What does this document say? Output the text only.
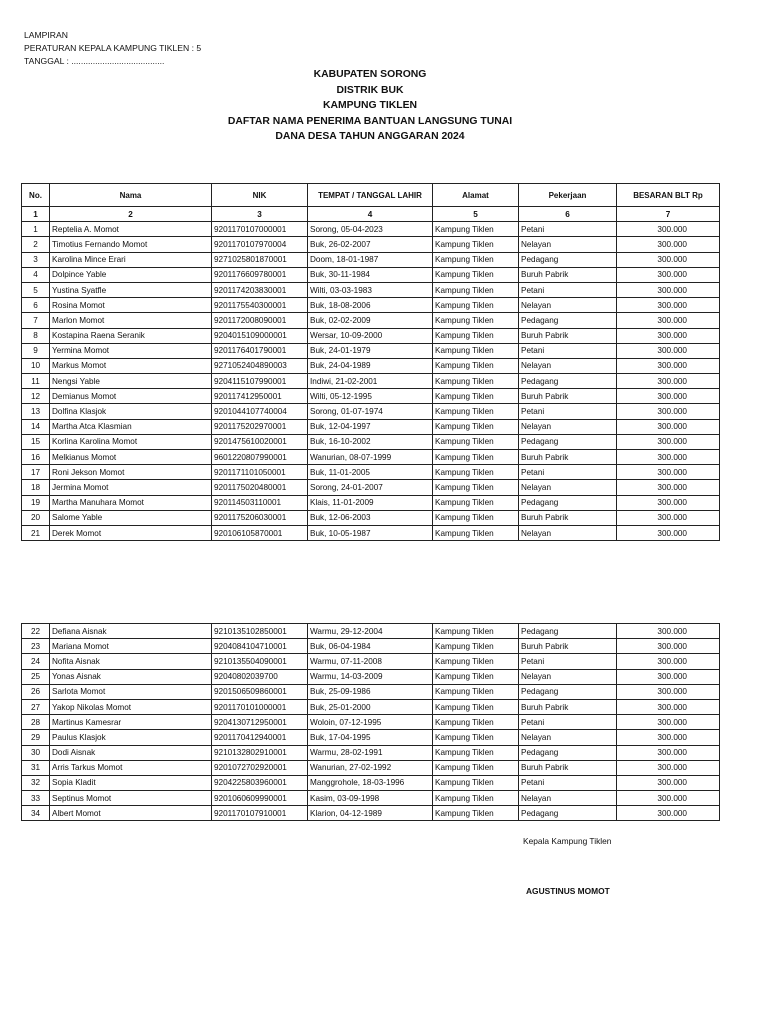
LAMPIRAN
PERATURAN KEPALA KAMPUNG TIKLEN : 5
TANGGAL : .......................................
KABUPATEN SORONG
DISTRIK BUK
KAMPUNG TIKLEN
DAFTAR NAMA PENERIMA BANTUAN LANGSUNG TUNAI
DANA DESA TAHUN ANGGARAN 2024
No.	Nama	NIK	TEMPAT / TANGGAL LAHIR	Alamat	Pekerjaan	BESARAN BLT Rp
1	2	3	4	5	6	7
1	Reptelia A. Momot	9201170107000001	Sorong, 05-04-2023	Kampung Tiklen	Petani	300.000
2	Timotius Fernando Momot	9201170107970004	Buk, 26-02-2007	Kampung Tiklen	Nelayan	300.000
3	Karolina Mince Erari	9271025801870001	Doom, 18-01-1987	Kampung Tiklen	Pedagang	300.000
4	Dolpince Yable	9201176609780001	Buk, 30-11-1984	Kampung Tiklen	Buruh Pabrik	300.000
5	Yustina Syatfle	9201174203830001	Wilti, 03-03-1983	Kampung Tiklen	Petani	300.000
6	Rosina Momot	9201175540300001	Buk, 18-08-2006	Kampung Tiklen	Nelayan	300.000
7	Marlon Momot	9201172008090001	Buk, 02-02-2009	Kampung Tiklen	Pedagang	300.000
8	Kostapina Raena Seranik	9204015109000001	Wersar, 10-09-2000	Kampung Tiklen	Buruh Pabrik	300.000
9	Yermina Momot	9201176401790001	Buk, 24-01-1979	Kampung Tiklen	Petani	300.000
10	Markus Momot	9271052404890003	Buk, 24-04-1989	Kampung Tiklen	Nelayan	300.000
11	Nengsi Yable	9204115107990001	Indiwi, 21-02-2001	Kampung Tiklen	Pedagang	300.000
12	Demianus Momot	920117412950001	Wilti, 05-12-1995	Kampung Tiklen	Buruh Pabrik	300.000
13	Dolfina Klasjok	9201044107740004	Sorong, 01-07-1974	Kampung Tiklen	Petani	300.000
14	Martha Atca Klasmian	9201175202970001	Buk, 12-04-1997	Kampung Tiklen	Nelayan	300.000
15	Korlina Karolina Momot	9201475610020001	Buk, 16-10-2002	Kampung Tiklen	Pedagang	300.000
16	Melkianus Momot	9601220807990001	Wanurian, 08-07-1999	Kampung Tiklen	Buruh Pabrik	300.000
17	Roni Jekson Momot	9201171101050001	Buk, 11-01-2005	Kampung Tiklen	Petani	300.000
18	Jermina Momot	9201175020480001	Sorong, 24-01-2007	Kampung Tiklen	Nelayan	300.000
19	Martha Manuhara Momot	920114503110001	Klais, 11-01-2009	Kampung Tiklen	Pedagang	300.000
20	Salome Yable	9201175206030001	Buk, 12-06-2003	Kampung Tiklen	Buruh Pabrik	300.000
21	Derek Momot	920106105870001	Buk, 10-05-1987	Kampung Tiklen	Nelayan	300.000
22	Defiana Aisnak	9210135102850001	Warmu, 29-12-2004	Kampung Tiklen	Pedagang	300.000
23	Mariana Momot	9204084104710001	Buk, 06-04-1984	Kampung Tiklen	Buruh Pabrik	300.000
24	Nofita Aisnak	9210135504090001	Warmu, 07-11-2008	Kampung Tiklen	Petani	300.000
25	Yonas Aisnak	92040802039700	Warmu, 14-03-2009	Kampung Tiklen	Nelayan	300.000
26	Sarlota Momot	9201506509860001	Buk, 25-09-1986	Kampung Tiklen	Pedagang	300.000
27	Yakop Nikolas Momot	9201170101000001	Buk, 25-01-2000	Kampung Tiklen	Buruh Pabrik	300.000
28	Martinus Kamesrar	9204130712950001	Woloin, 07-12-1995	Kampung Tiklen	Petani	300.000
29	Paulus Klasjok	9201170412940001	Buk, 17-04-1995	Kampung Tiklen	Nelayan	300.000
30	Dodi Aisnak	9210132802910001	Warmu, 28-02-1991	Kampung Tiklen	Pedagang	300.000
31	Arris Tarkus Momot	9201072702920001	Wanurian, 27-02-1992	Kampung Tiklen	Buruh Pabrik	300.000
32	Sopia Kladit	9204225803960001	Manggrohole, 18-03-1996	Kampung Tiklen	Petani	300.000
33	Septinus Momot	9201060609990001	Kasim, 03-09-1998	Kampung Tiklen	Nelayan	300.000
34	Albert Momot	9201170107910001	Klarion, 04-12-1989	Kampung Tiklen	Pedagang	300.000
Kepala Kampung Tiklen
AGUSTINUS MOMOT
